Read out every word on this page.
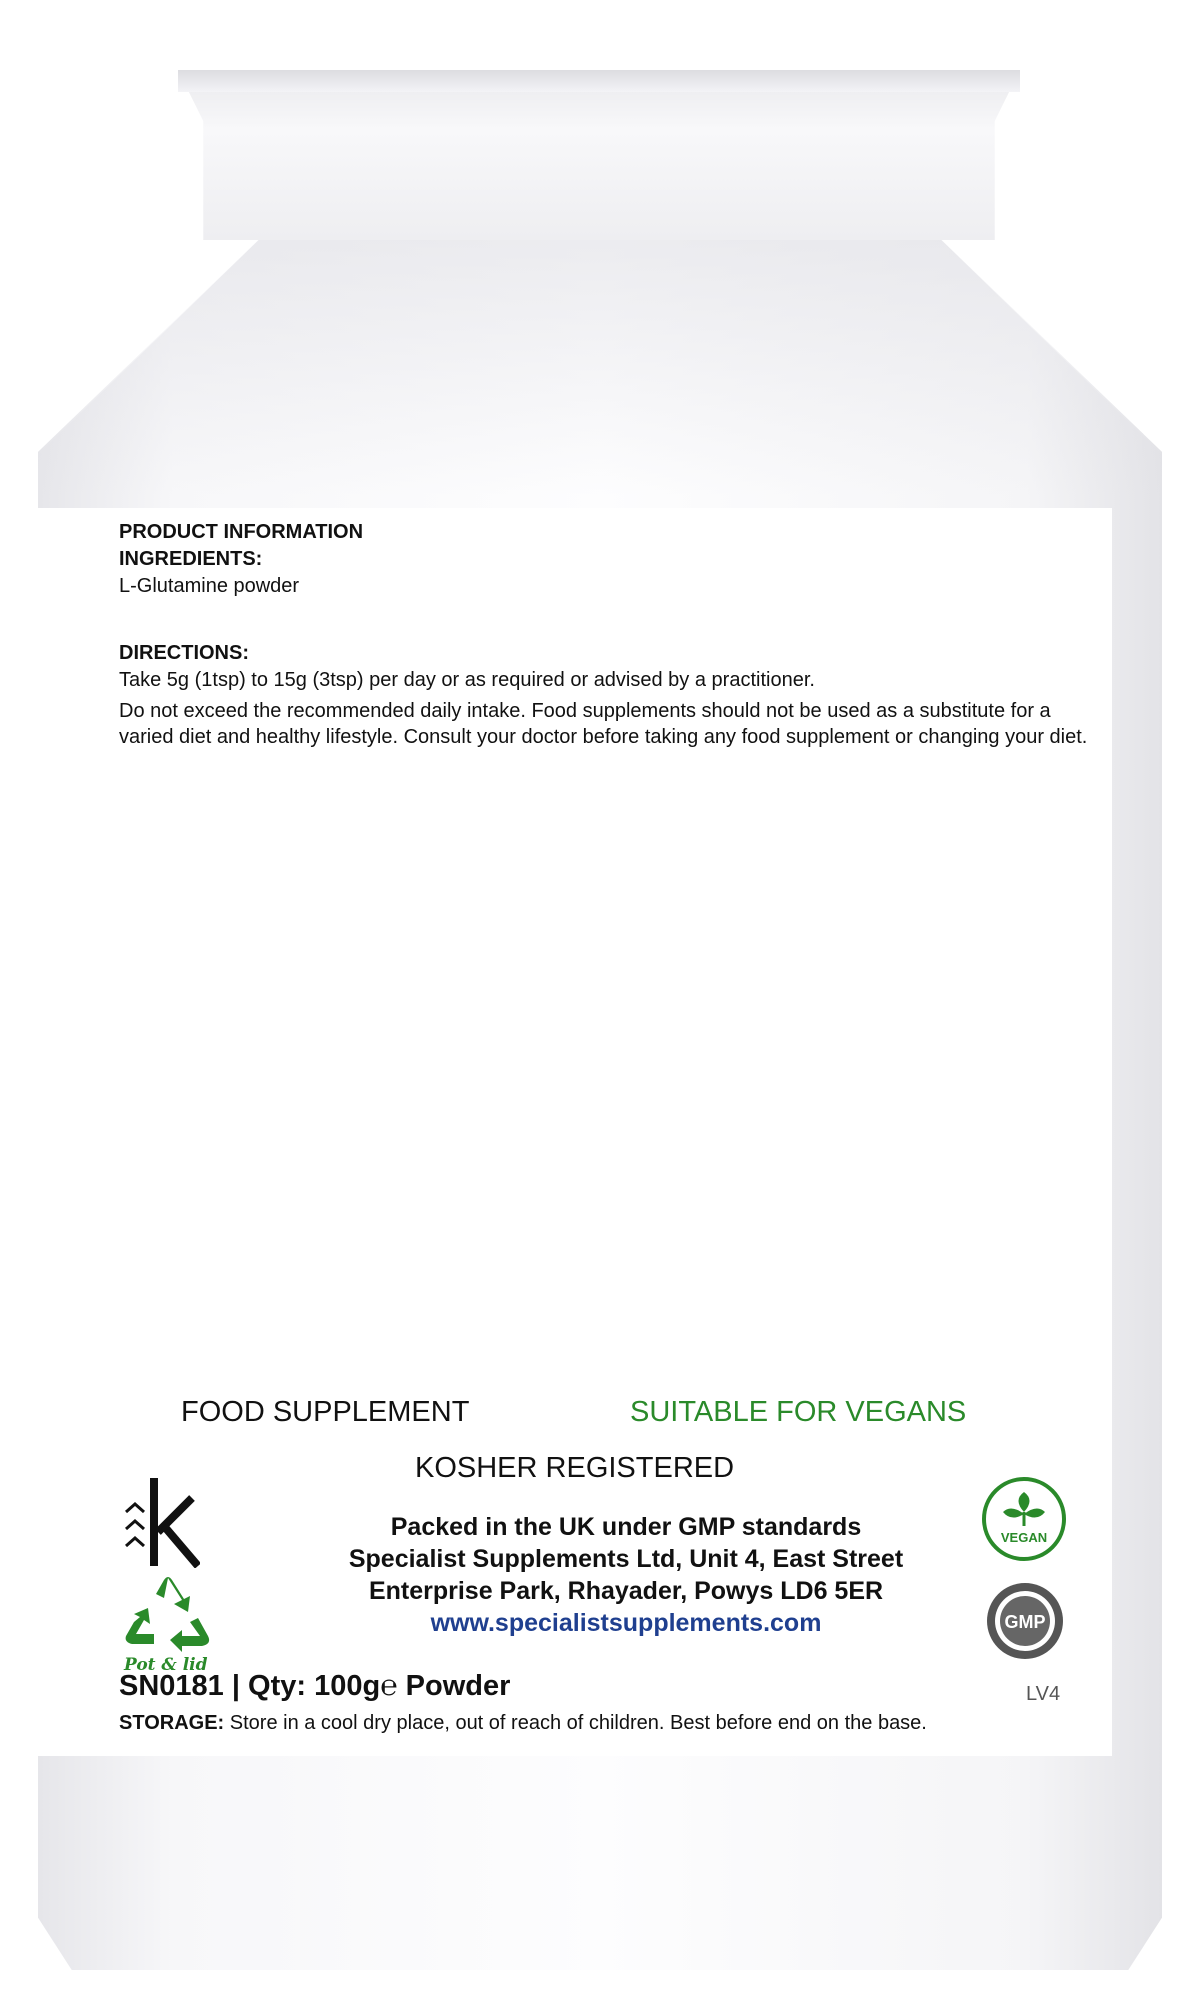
PRODUCT INFORMATION
INGREDIENTS:
L-Glutamine powder
DIRECTIONS:
Take 5g (1tsp) to 15g (3tsp) per day or as required or advised by a practitioner.
Do not exceed the recommended daily intake. Food supplements should not be used as a substitute for a varied diet and healthy lifestyle. Consult your doctor before taking any food supplement or changing your diet.
FOOD SUPPLEMENT	SUITABLE FOR VEGANS
KOSHER REGISTERED
Pot & lid
Packed in the UK under GMP standards
Specialist Supplements Ltd, Unit 4, East Street
Enterprise Park, Rhayader, Powys LD6 5ER
www.specialistsupplements.com
VEGAN
GMP
SN0181 | Qty: 100g℮ Powder	LV4
STORAGE: Store in a cool dry place, out of reach of children. Best before end on the base.
